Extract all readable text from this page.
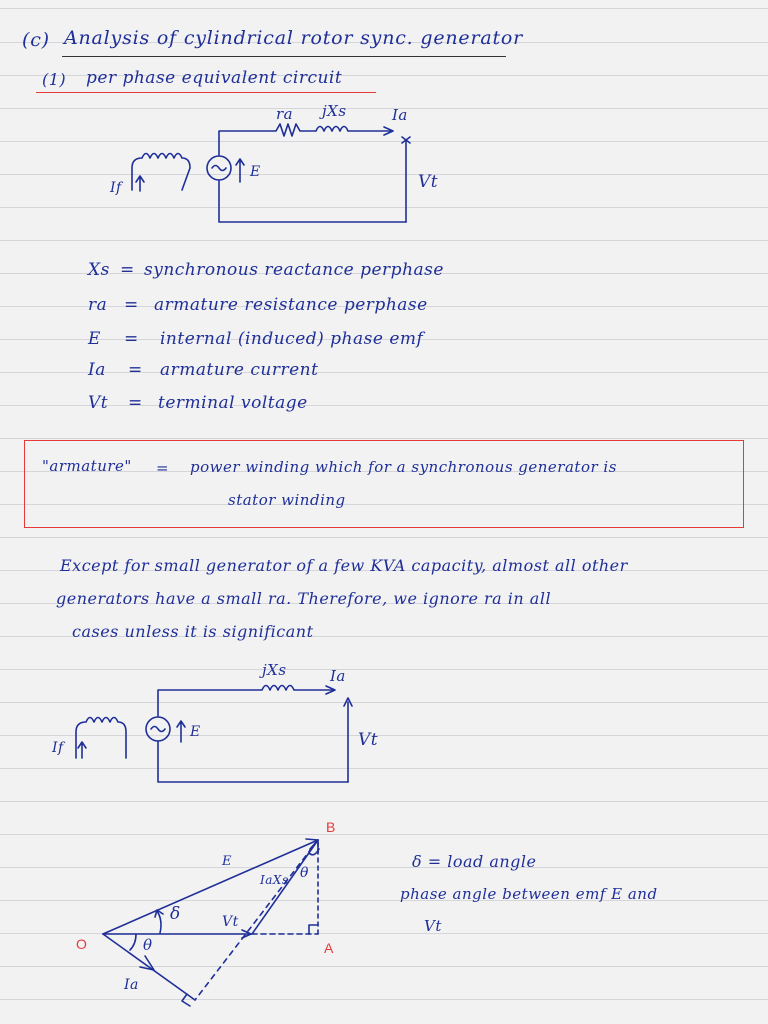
(c) Analysis of cylindrical rotor sync. generator
(1) per phase equivalent circuit
ra jXs	Ia
E	Vt
If
Xs = synchronous reactance perphase
ra = armature resistance perphase
E = internal (induced) phase emf
Ia = armature current
Vt = terminal voltage
"armature" = power winding which for a synchronous generator is
stator winding
Except for small generator of a few KVA capacity, almost all other
generators have a small ra. Therefore, we ignore ra in all
cases unless it is significant
jXs	Ia
E	Vt
If
O	A
B
E
Vt
IaXs
Ia
δ
θ
θ
δ = load angle
phase angle between emf E and
Vt
